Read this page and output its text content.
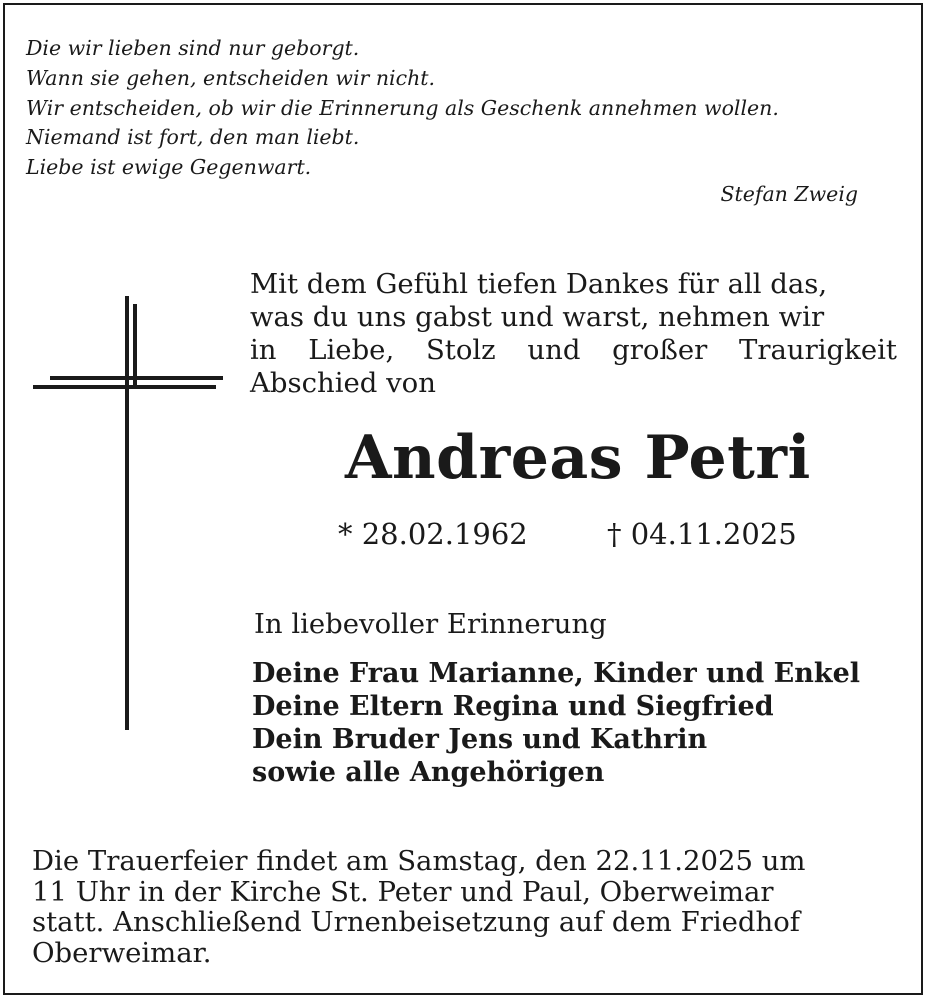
Die wir lieben sind nur geborgt.
Wann sie gehen, entscheiden wir nicht.
Wir entscheiden, ob wir die Erinnerung als Geschenk annehmen wollen.
Niemand ist fort, den man liebt.
Liebe ist ewige Gegenwart.
Stefan Zweig
Mit dem Gefühl tiefen Dankes für all das,
was du uns gabst und warst, nehmen wir
in Liebe, Stolz und großer Traurigkeit
Abschied von
Andreas Petri
* 28.02.1962	† 04.11.2025
In liebevoller Erinnerung
Deine Frau Marianne, Kinder und Enkel
Deine Eltern Regina und Siegfried
Dein Bruder Jens und Kathrin
sowie alle Angehörigen
Die Trauerfeier findet am Samstag, den 22.11.2025 um
11 Uhr in der Kirche St. Peter und Paul, Oberweimar
statt. Anschließend Urnenbeisetzung auf dem Friedhof
Oberweimar.
